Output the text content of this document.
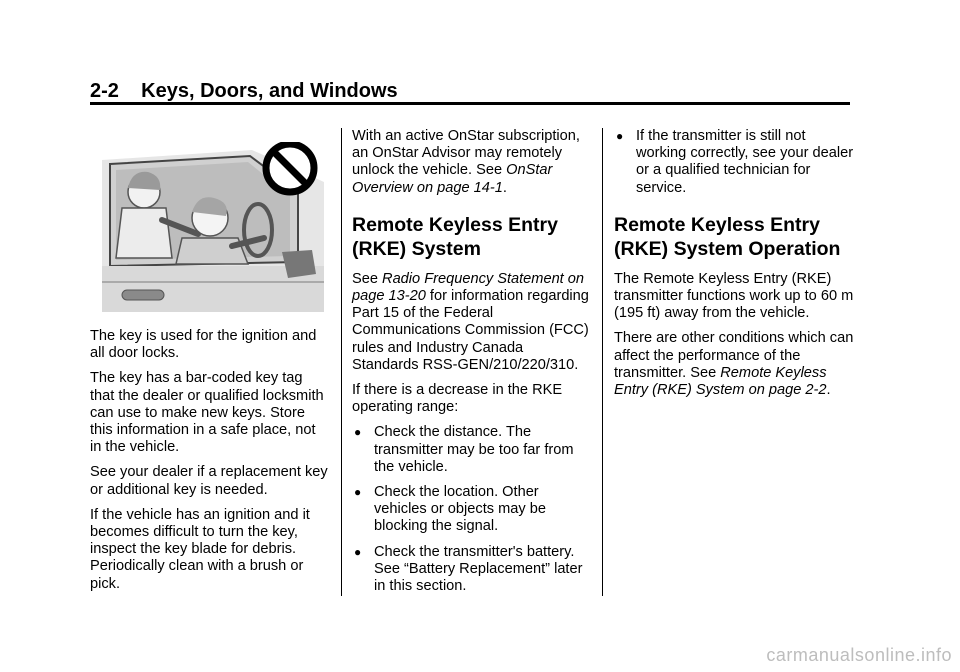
2-2 Keys, Doors, and Windows

The key is used for the ignition and all door locks.

The key has a bar-coded key tag that the dealer or qualified locksmith can use to make new keys. Store this information in a safe place, not in the vehicle.

See your dealer if a replacement key or additional key is needed.

If the vehicle has an ignition and it becomes difficult to turn the key, inspect the key blade for debris. Periodically clean with a brush or pick.

With an active OnStar subscription, an OnStar Advisor may remotely unlock the vehicle. See OnStar Overview on page 14-1.

Remote Keyless Entry (RKE) System

See Radio Frequency Statement on page 13-20 for information regarding Part 15 of the Federal Communications Commission (FCC) rules and Industry Canada Standards RSS-GEN/210/220/310.

If there is a decrease in the RKE operating range:

● Check the distance. The transmitter may be too far from the vehicle.
● Check the location. Other vehicles or objects may be blocking the signal.
● Check the transmitter's battery. See “Battery Replacement” later in this section.
● If the transmitter is still not working correctly, see your dealer or a qualified technician for service.
Remote Keyless Entry (RKE) System Operation

The Remote Keyless Entry (RKE) transmitter functions work up to 60 m (195 ft) away from the vehicle.

There are other conditions which can affect the performance of the transmitter. See Remote Keyless Entry (RKE) System on page 2-2.

carmanualsonline.info
